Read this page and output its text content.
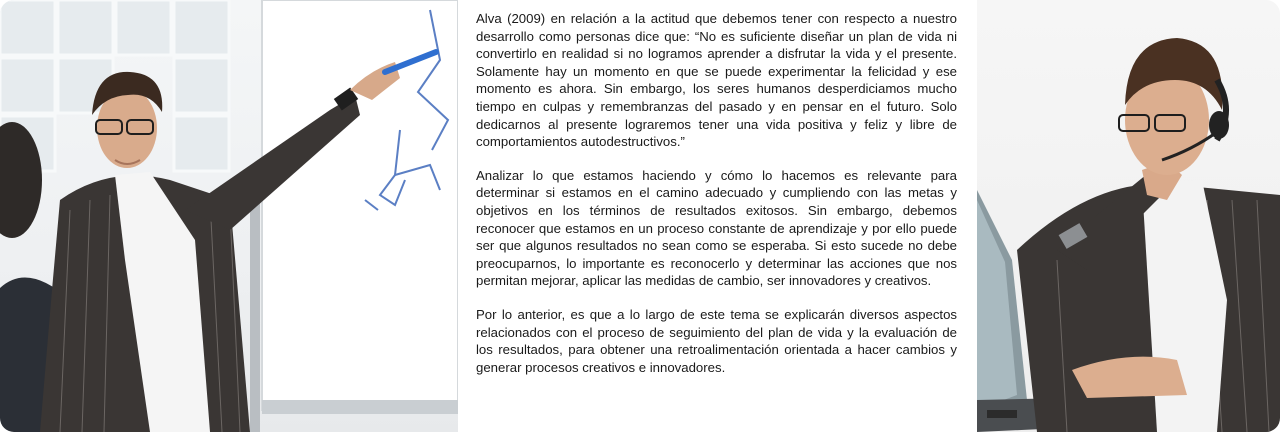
Alva (2009) en relación a la actitud que debemos tener con respecto a nuestro desarrollo como personas dice que: “No es suficiente diseñar un plan de vida ni convertirlo en realidad si no logramos aprender a disfrutar la vida y el presente. Solamente hay un momento en que se puede experimentar la felicidad y ese momento es ahora. Sin embargo, los seres humanos desperdiciamos mucho tiempo en culpas y remembranzas del pasado y en pensar en el futuro. Solo dedicarnos al presente lograremos tener una vida positiva y feliz y libre de comportamientos autodestructivos.”

Analizar lo que estamos haciendo y cómo lo hacemos es relevante para determinar si estamos en el camino adecuado y cumpliendo con las metas y objetivos en los términos de resultados exitosos. Sin embargo, debemos reconocer que estamos en un proceso constante de aprendizaje y por ello puede ser que algunos resultados no sean como se esperaba. Si esto sucede no debe preocuparnos, lo importante es reconocerlo y determinar las acciones que nos permitan mejorar, aplicar las medidas de cambio, ser innovadores y creativos.

Por lo anterior, es que a lo largo de este tema se explicarán diversos aspectos relacionados con el proceso de seguimiento del plan de vida y la evaluación de los resultados, para obtener una retroalimentación orientada a hacer cambios y generar procesos creativos e innovadores.
